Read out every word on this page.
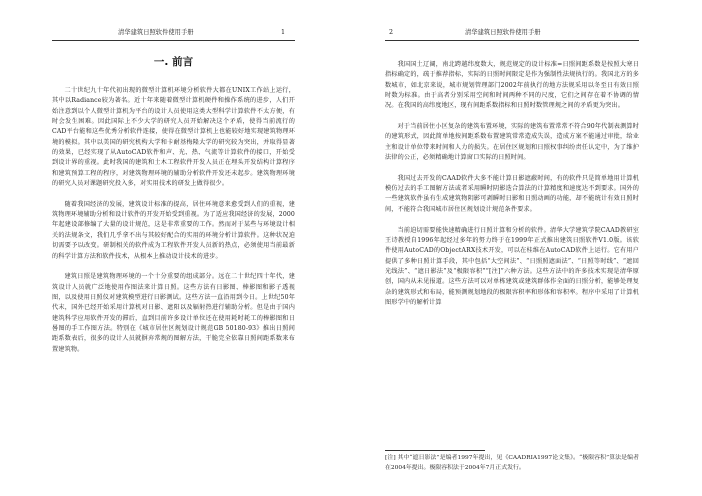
清华建筑日照软件使用手册	1
一. 前言

二十世纪九十年代初出现的微型计算机环境分析软件大都在UNIX工作站上运行，其中以Radiance较为著名。近十年来随着微型计算机硬件和操作系统的进步，人们开始注意到以个人微型计算机为平台的设计人员使用这类大型科学计算软件不太方便，有时会发生困难。因此国际上不少大学的研究人员开始解决这个矛盾，使得当前流行的CAD平台能和这些优秀分析软件连接，使得在微型计算机上也能较好地实现建筑物理环境的模拟。其中以美国的研究机构大学和卡耐基梅隆大学的研究较为突出，并取得显著的效果，已经实现了从AutoCAD软件和声、光、热、气流等计算软件的接口，开始受到设计界的重视。此时我国的建筑和土木工程软件开发人员正在埋头开发结构计算程序和建筑预算工程的程序，对建筑物理环境的辅助分析软件开发还未起步。建筑物理环境的研究人员对课题研究投入多，对实用技术的研发上做得很少。

随着我国经济的发展，建筑设计标准的提高，居住环境意来愈受到人们的重视，建筑物理环境辅助分析和设计软件的开发开始受到重视。为了适应我国经济的发展，2000年起建设部修编了大量的设计规范，这是非常重要的工作。然而对于某些与环境设计相关的法规条文，我们几乎拿不出与其较好配合的实用的环境分析计算软件。这种状况迫切需要予以改变。研制相关的软件成为工程软件开发人员新的热点，必须使用当前最新的科学计算方法和软件技术，从根本上推动设计技术的进步。

建筑日照是建筑物理环境的一个十分重要的组成部分。远在二十世纪四十年代，建筑设计人员就广泛地使用作图法来计算日照。这些方法有日影图、棒影图和影子透视图，以及使用日照仪对建筑模型进行日影测试。这些方法一直沿用到今日。上世纪50年代末，国外已经开始采用计算机对日影、遮阳以及辐射热进行辅助分析。但是由于国内建筑科学应用软件开发的滞后，直到目前许多设计单位还在使用耗时耗工的棒影图和日晷图的手工作图方法。特别在《城市居住区规划设计规范GB 50180-93》推出日照间距系数表后，很多的设计人员就摒弃常规的图解方法，干脆完全依靠日照间距系数来布置建筑物。

2	清华建筑日照软件使用手册

我国国土辽阔，南北跨越纬度数大，规范规定的设计标准=日照间距系数是按照大寒日指标确定的，疏于推荐指标，实际的日照时间限定是作为强制性法规执行的。我国北方的多数城市，如北京来说，城市规划管理部门2002年前执行的地方法规采用以冬至日有效日照时数为标准。由于高者分别采用空间和时间两种不同的尺度，它们之间存在着不协调的情况。在我国的高纬度地区，现有间距系数指标和日照时数管理规之间的矛盾更为突出。

对于当前居住小区复杂的建筑布置环境，实际的建筑布置常常不符合90年代制表测算时的建筑形式，因此简单地按间距系数布置建筑常常造成失误，造成方案不能通过审批，给业主和设计单位带来时间和人力的损失。在居住区规划和日照权事纠纷责任认定中，为了维护法律的公正，必须精确地计算窗口实际的日照时间。

我国过去开发的CAAD软件大多不能计算日影遮蔽时间，有的软件只是简单地用计算机模仿过去的手工图解方法或者采用瞬时阴影迭合算法的计算精度和速度达不到要求。国外的一些建筑软件虽有生成建筑物阴影可剥瞬时日影和日照动画的功能，却不能统计有效日照时间，不能符合我国城市居住区规划设计规范条件要求。

当前迫切需要能快速精确进行日照计算和分析的软件。清华大学建筑学院CAAD教研室王诗教授自1996年起经过多年的努力终于在1999年正式推出建筑日照软件V1.0版。该软件使用AutoCAD的ObjectARX技术开发，可以在桂维在AutoCAD软件上运行。它有用户提供了多种日照计算手段，其中包括“大空间法”、“日照照遮面法”、“日照等时线”、“遮回光线法”、“遮日影法”及“极限容积”“[注]”六种方法。这些方法中的许多技术实现是清华原创，国内从未见报道。这些方法可以对单栋建筑或建筑群体作全面的日照分析，能够处理复杂的建筑形式和布局，能预测规划地段的极限容积率和形体和容积率。程序中采用了计算机图形学中的解析计算

[注] 其中“遮日影法”是编者1997年提出，见《CAADRIA1997论文集》。“极限容积”算法是编者在2004年提出。极限容积法于2004年7月正式发行。
